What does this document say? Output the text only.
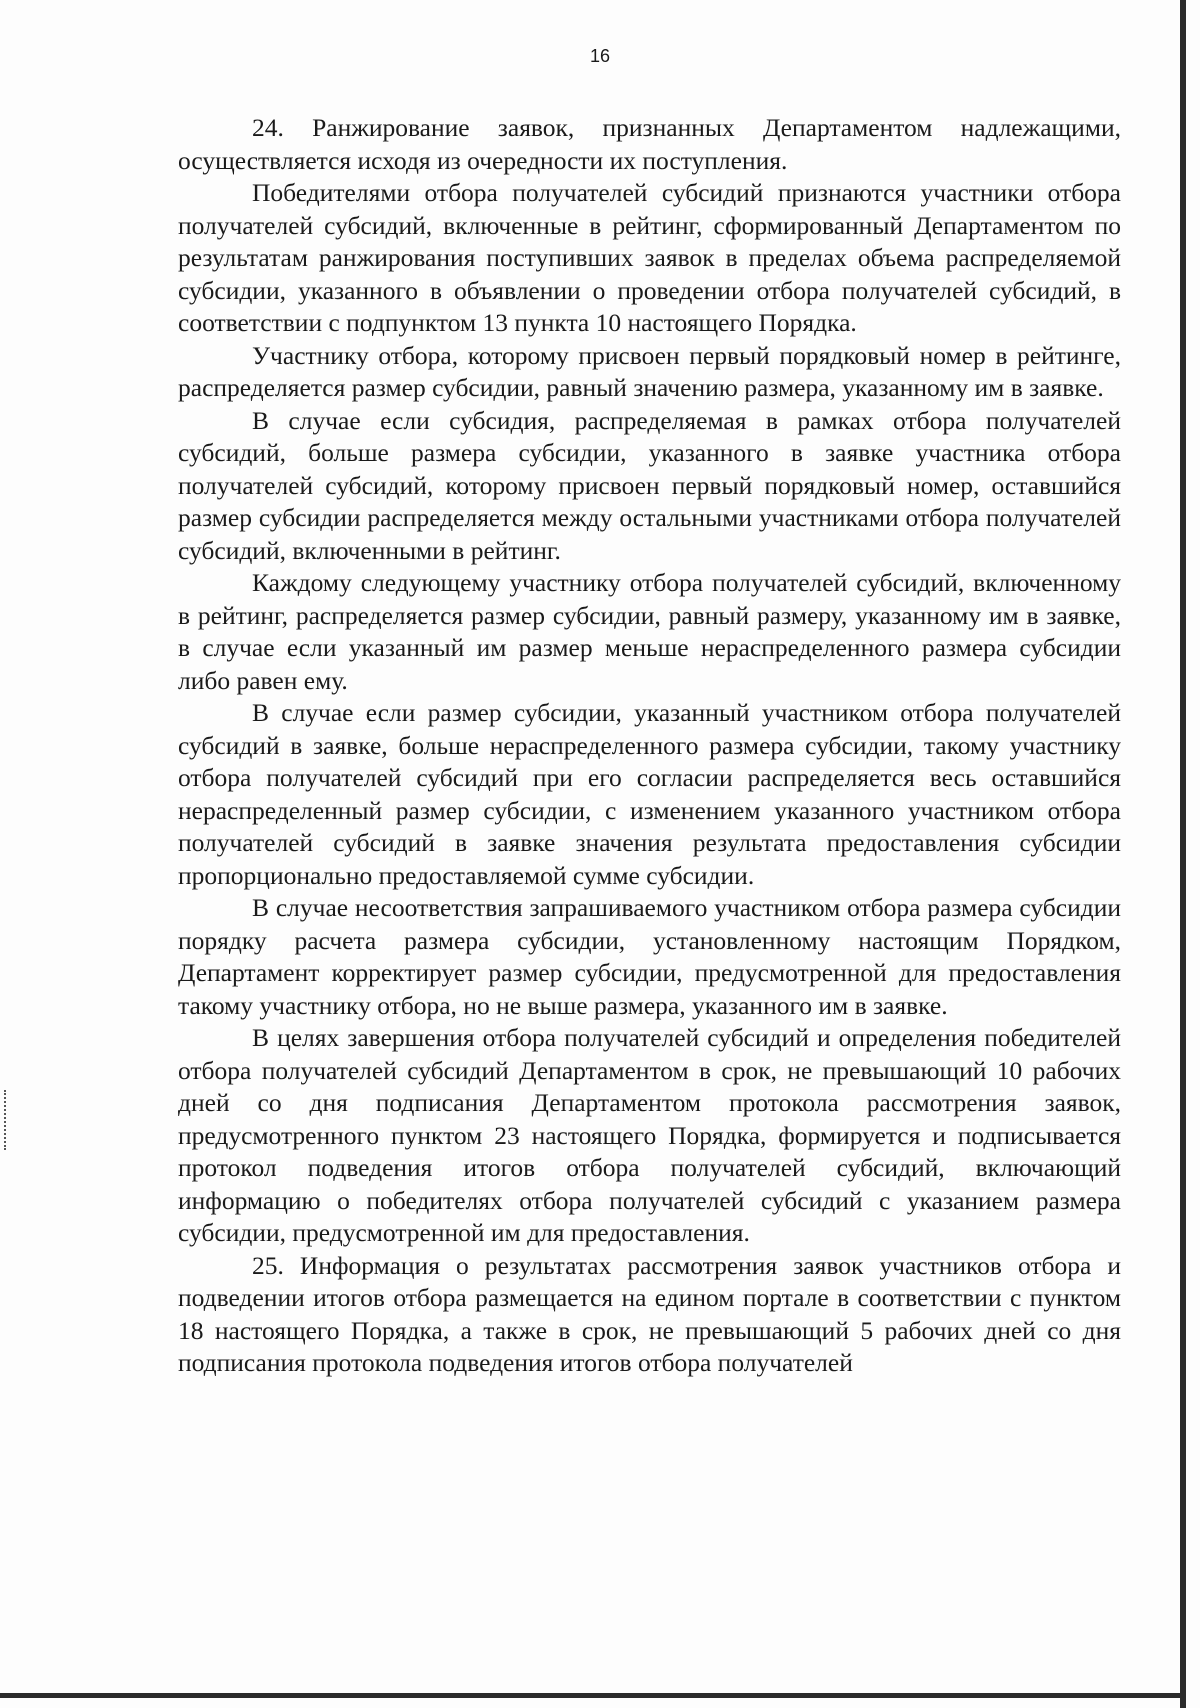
16

24. Ранжирование заявок, признанных Департаментом надлежащими, осуществляется исходя из очередности их поступления.

Победителями отбора получателей субсидий признаются участники отбора получателей субсидий, включенные в рейтинг, сформированный Департаментом по результатам ранжирования поступивших заявок в пределах объема распределяемой субсидии, указанного в объявлении о проведении отбора получателей субсидий, в соответствии с подпунктом 13 пункта 10 настоящего Порядка.

Участнику отбора, которому присвоен первый порядковый номер в рейтинге, распределяется размер субсидии, равный значению размера, указанному им в заявке.

В случае если субсидия, распределяемая в рамках отбора получателей субсидий, больше размера субсидии, указанного в заявке участника отбора получателей субсидий, которому присвоен первый порядковый номер, оставшийся размер субсидии распределяется между остальными участниками отбора получателей субсидий, включенными в рейтинг.

Каждому следующему участнику отбора получателей субсидий, включенному в рейтинг, распределяется размер субсидии, равный размеру, указанному им в заявке, в случае если указанный им размер меньше нераспределенного размера субсидии либо равен ему.

В случае если размер субсидии, указанный участником отбора получателей субсидий в заявке, больше нераспределенного размера субсидии, такому участнику отбора получателей субсидий при его согласии распределяется весь оставшийся нераспределенный размер субсидии, с изменением указанного участником отбора получателей субсидий в заявке значения результата предоставления субсидии пропорционально предоставляемой сумме субсидии.

В случае несоответствия запрашиваемого участником отбора размера субсидии порядку расчета размера субсидии, установленному настоящим Порядком, Департамент корректирует размер субсидии, предусмотренной для предоставления такому участнику отбора, но не выше размера, указанного им в заявке.

В целях завершения отбора получателей субсидий и определения победителей отбора получателей субсидий Департаментом в срок, не превышающий 10 рабочих дней со дня подписания Департаментом протокола рассмотрения заявок, предусмотренного пунктом 23 настоящего Порядка, формируется и подписывается протокол подведения итогов отбора получателей субсидий, включающий информацию о победителях отбора получателей субсидий с указанием размера субсидии, предусмотренной им для предоставления.

25. Информация о результатах рассмотрения заявок участников отбора и подведении итогов отбора размещается на едином портале в соответствии с пунктом 18 настоящего Порядка, а также в срок, не превышающий 5 рабочих дней со дня подписания протокола подведения итогов отбора получателей
